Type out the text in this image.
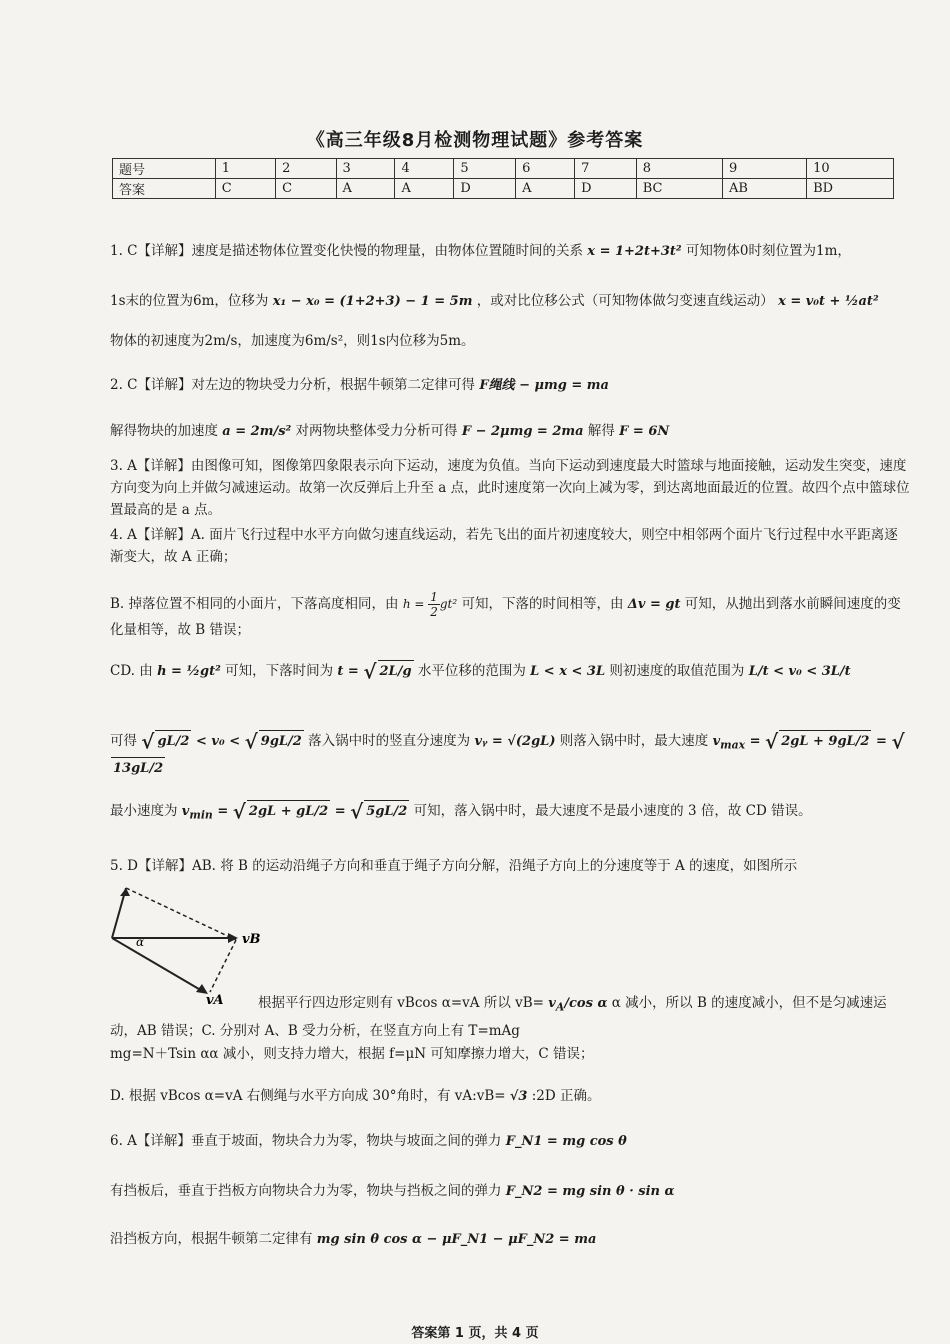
《高三年级8月检测物理试题》参考答案
题号	1	2	3	4	5	6	7	8	9	10
答案	C	C	A	A	D	A	D	BC	AB	BD
1. C【详解】速度是描述物体位置变化快慢的物理量，由物体位置随时间的关系 x = 1+2t+3t² 可知物体0时刻位置为1m，
1s末的位置为6m，位移为 x₁ − x₀ = (1+2+3) − 1 = 5m ，或对比位移公式（可知物体做匀变速直线运动） x = v₀t + ½at²
物体的初速度为2m/s，加速度为6m/s²，则1s内位移为5m。
2. C【详解】对左边的物块受力分析，根据牛顿第二定律可得 F绳线 − μmg = ma
解得物块的加速度 a = 2m/s² 对两物块整体受力分析可得 F − 2μmg = 2ma 解得 F = 6N
3. A【详解】由图像可知，图像第四象限表示向下运动，速度为负值。当向下运动到速度最大时篮球与地面接触，运动发生突变，速度方向变为向上并做匀减速运动。故第一次反弹后上升至 a 点，此时速度第一次向上减为零，到达离地面最近的位置。故四个点中篮球位置最高的是 a 点。
4. A【详解】A. 面片飞行过程中水平方向做匀速直线运动，若先飞出的面片初速度较大，则空中相邻两个面片飞行过程中水平距离逐渐变大，故 A 正确；
B. 掉落位置不相同的小面片，下落高度相同，由 $h = \frac{1}{2} gt^2$ 可知，下落的时间相等，由 Δv = gt 可知，从抛出到落水前瞬间速度的变化量相等，故 B 错误；
CD. 由 h = ½gt² 可知，下落时间为 t = √ 2L/g 水平位移的范围为 L < x < 3L 则初速度的取值范围为 L/t < v₀ < 3L/t
可得 √ gL/2 < v₀ < √ 9gL/2 落入锅中时的竖直分速度为 vᵧ = √(2gL) 则落入锅中时，最大速度 $v_{max}$ = √ 2gL + 9gL/2 = √13gL/2
最小速度为 $v_{min}$ = √ 2gL + gL/2 = √ 5gL/2 可知，落入锅中时，最大速度不是最小速度的 3 倍，故 CD 错误。
5. D【详解】AB. 将 B 的运动沿绳子方向和垂直于绳子方向分解，沿绳子方向上的分速度等于 A 的速度，如图所示
vB
vA
α
根据平行四边形定则有 vBcos α=vA 所以 $vB= v_A/\cos$ α α 减小，所以 B 的速度减小，但不是匀减速运
动，AB 错误；C. 分别对 A、B 受力分析，在竖直方向上有 T=mAg
mg=N＋Tsin αα 减小，则支持力增大，根据 f=μN 可知摩擦力增大，C 错误；
D. 根据 vBcos α=vA 右侧绳与水平方向成 30°角时，有 vA:vB= √3 :2D 正确。
6. A【详解】垂直于坡面，物块合力为零，物块与坡面之间的弹力 F_N1 = mg cos θ
有挡板后，垂直于挡板方向物块合力为零，物块与挡板之间的弹力 F_N2 = mg sin θ · sin α
沿挡板方向，根据牛顿第二定律有 mg sin θ cos α − μF_N1 − μF_N2 = ma
答案第 1 页，共 4 页
